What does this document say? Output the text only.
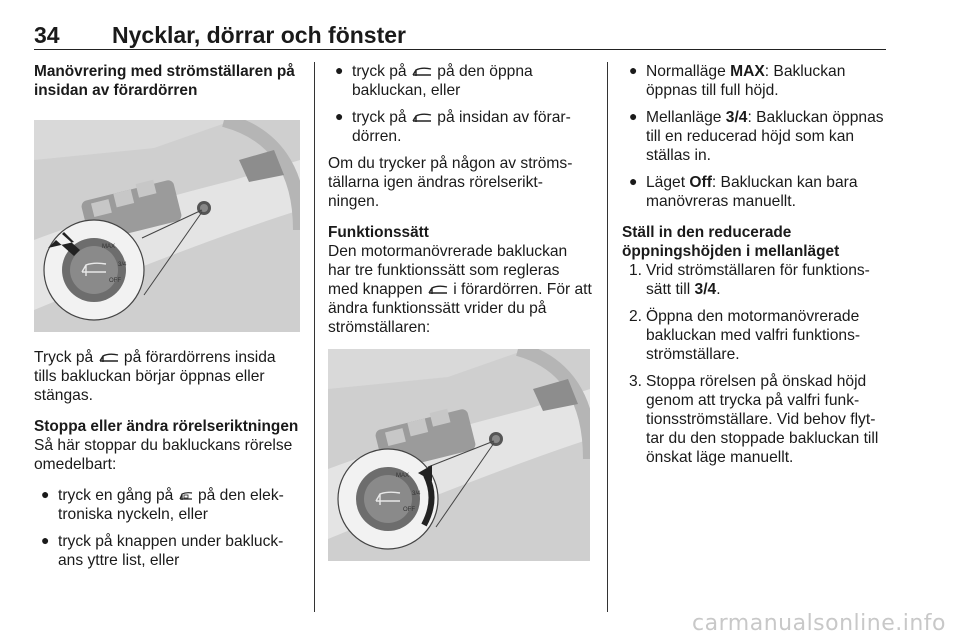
34 Nycklar, dörrar och fönster
Manövrering med strömställaren på insidan av förardörren
MAX
3/4
OFF

Tryck på på förardörrens insida tills bakluckan börjar öppnas eller stängas.

Stoppa eller ändra rörelseriktningen

Så här stoppar du bakluckans rörelse omedelbart:

● tryck en gång på på den elek- troniska nyckeln, eller
● tryck på knappen under bakluck- ans yttre list, eller
● tryck på på den öppna bakluckan, eller
● tryck på på insidan av förar- dörren.

Om du trycker på någon av ströms- tällarna igen ändras rörelserikt- ningen.

Funktionssätt

Den motormanövrerade bakluckan har tre funktionssätt som regleras med knappen i förardörren. För att ändra funktionssätt vrider du på strömställaren:

MAX
3/4
OFF
● Normalläge MAX: Bakluckan öppnas till full höjd.
● Mellanläge 3/4: Bakluckan öppnas till en reducerad höjd som kan ställas in.
● Läget Off: Bakluckan kan bara manövreras manuellt.
Ställ in den reducerade öppningshöjden i mellanläget
1. Vrid strömställaren för funktions- sätt till 3/4.
2. Öppna den motormanövrerade bakluckan med valfri funktions- strömställare.
3. Stoppa rörelsen på önskad höjd genom att trycka på valfri funk- tionsströmställare. Vid behov flyt- tar du den stoppade bakluckan till önskat läge manuellt.
carmanualsonline.info
